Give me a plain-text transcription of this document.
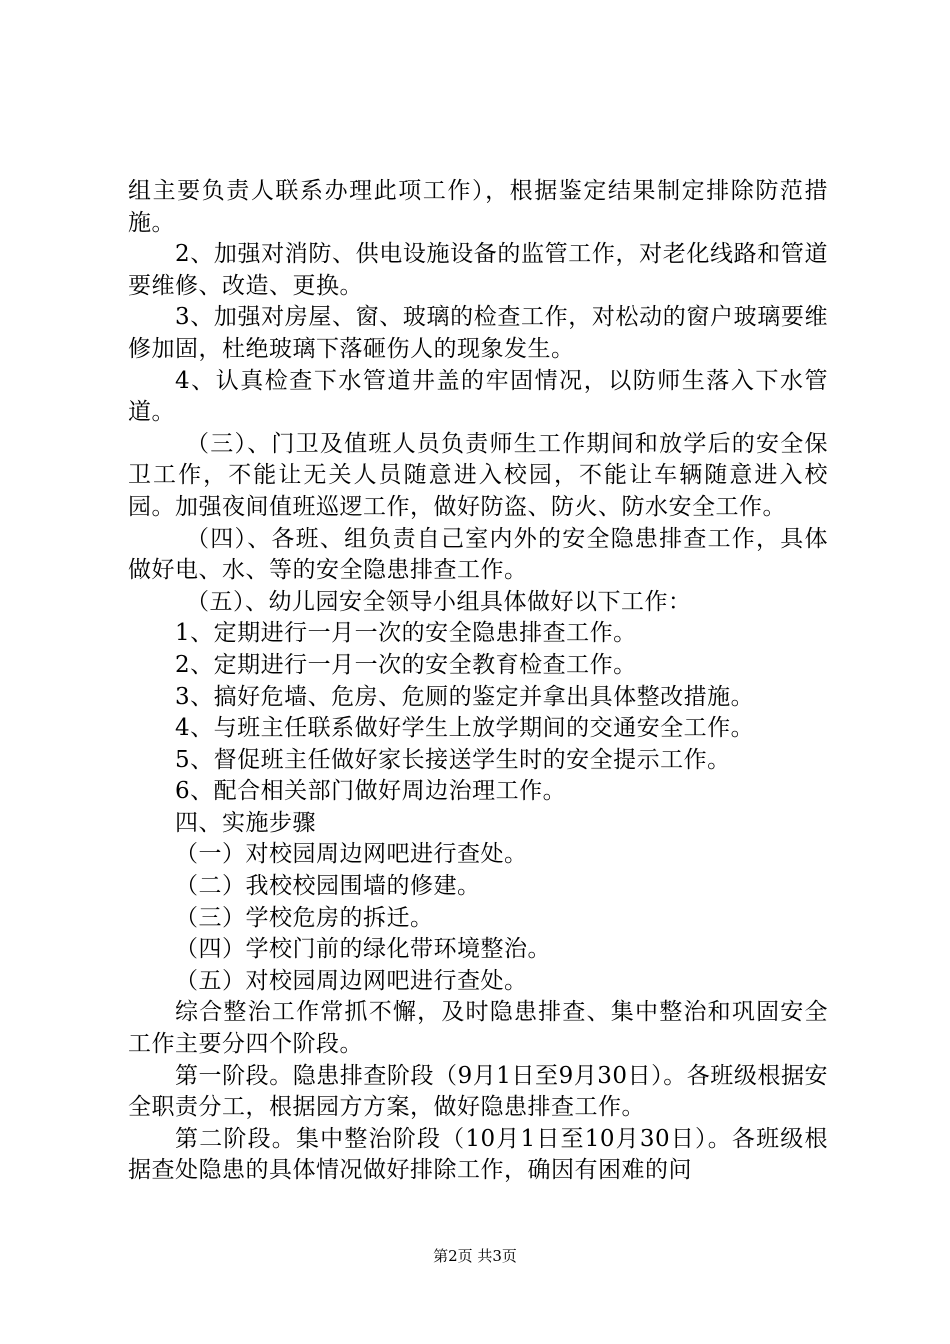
组主要负责人联系办理此项工作），根据鉴定结果制定排除防范措施。

2、加强对消防、供电设施设备的监管工作，对老化线路和管道要维修、改造、更换。

3、加强对房屋、窗、玻璃的检查工作，对松动的窗户玻璃要维修加固，杜绝玻璃下落砸伤人的现象发生。

4、认真检查下水管道井盖的牢固情况，以防师生落入下水管道。

（三）、门卫及值班人员负责师生工作期间和放学后的安全保卫工作，不能让无关人员随意进入校园，不能让车辆随意进入校园。加强夜间值班巡逻工作，做好防盗、防火、防水安全工作。

（四）、各班、组负责自己室内外的安全隐患排查工作，具体做好电、水、等的安全隐患排查工作。

（五）、幼儿园安全领导小组具体做好以下工作：

1、定期进行一月一次的安全隐患排查工作。

2、定期进行一月一次的安全教育检查工作。

3、搞好危墙、危房、危厕的鉴定并拿出具体整改措施。

4、与班主任联系做好学生上放学期间的交通安全工作。

5、督促班主任做好家长接送学生时的安全提示工作。

6、配合相关部门做好周边治理工作。

四、实施步骤

（一）对校园周边网吧进行查处。

（二）我校校园围墙的修建。

（三）学校危房的拆迁。

（四）学校门前的绿化带环境整治。

（五）对校园周边网吧进行查处。

综合整治工作常抓不懈，及时隐患排查、集中整治和巩固安全工作主要分四个阶段。

第一阶段。隐患排查阶段（9月1日至9月30日）。各班级根据安全职责分工，根据园方方案，做好隐患排查工作。

第二阶段。集中整治阶段（10月1日至10月30日）。各班级根据查处隐患的具体情况做好排除工作，确因有困难的问

第2页 共3页
